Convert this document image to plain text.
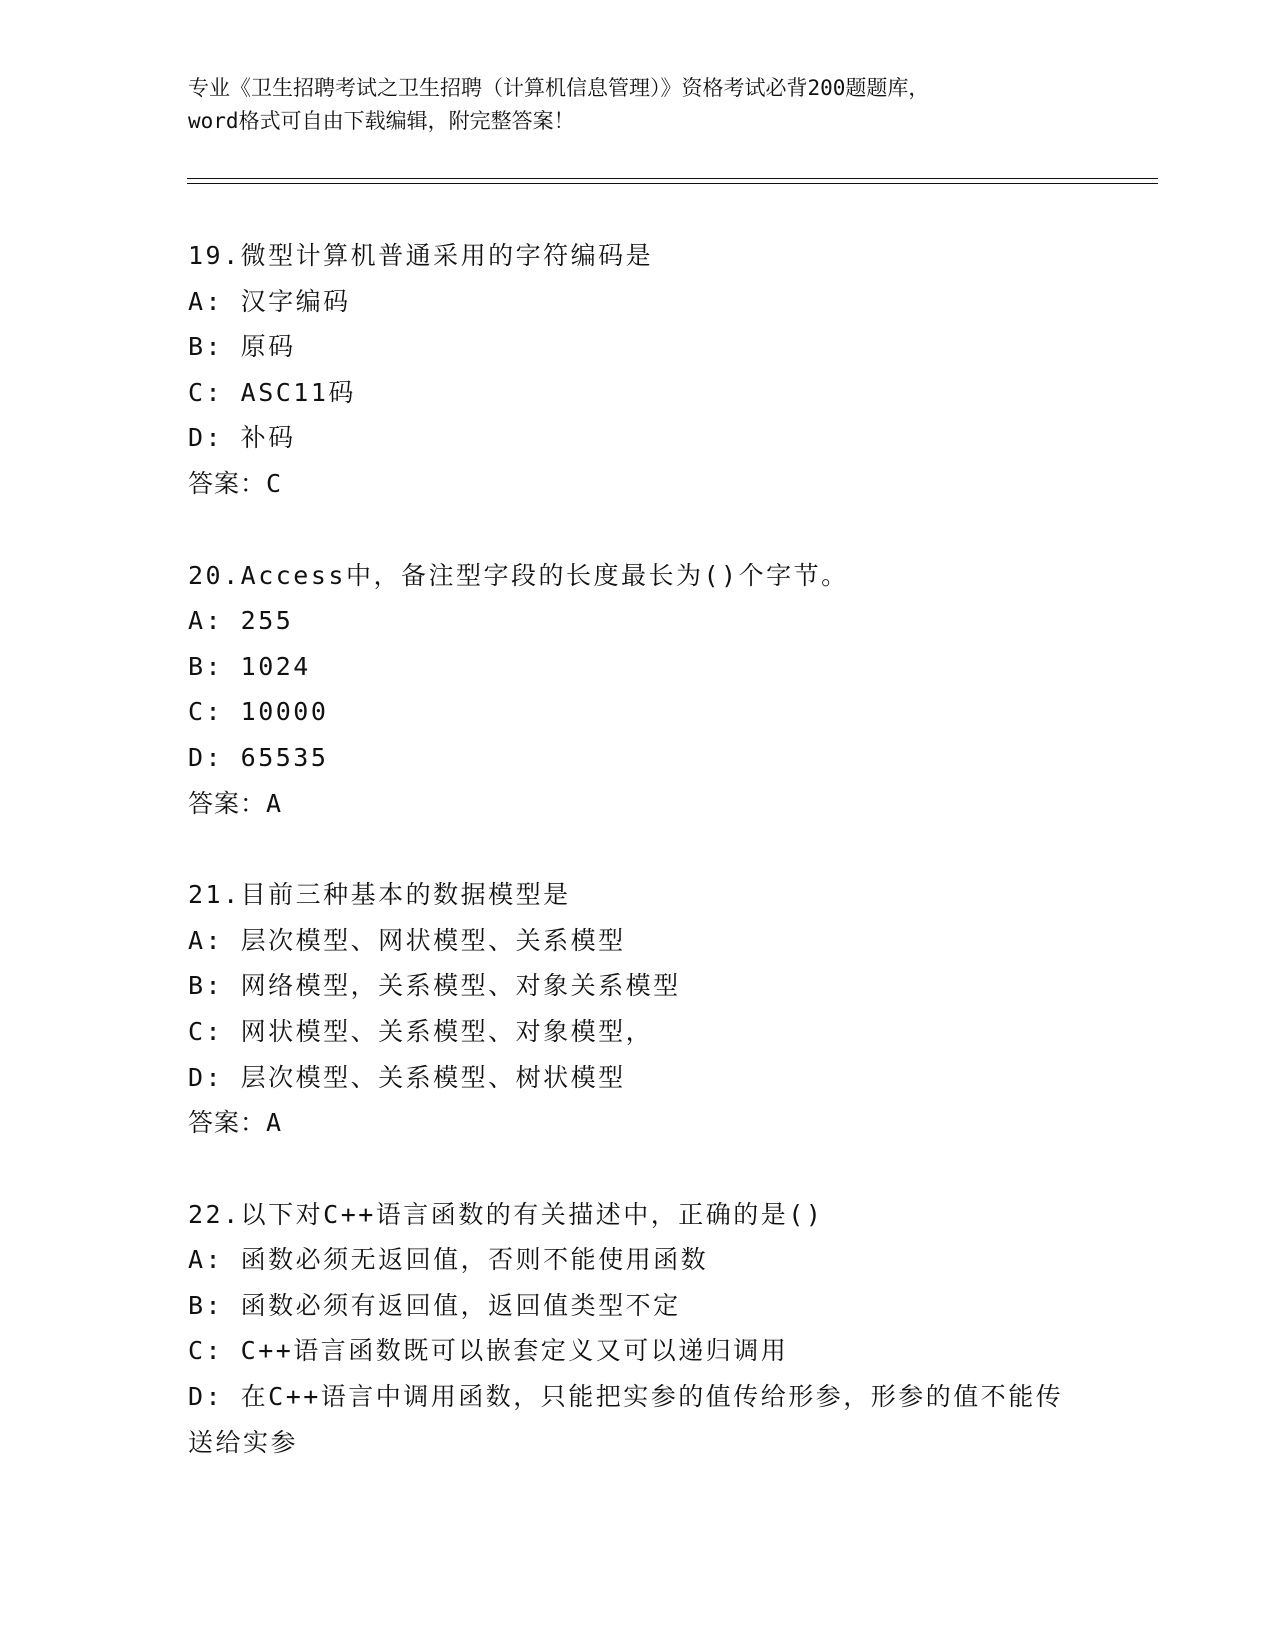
专业《卫生招聘考试之卫生招聘（计算机信息管理）》资格考试必背200题题库，
word格式可自由下载编辑，附完整答案！
19.微型计算机普通采用的字符编码是
A: 汉字编码
B: 原码
C: ASC11码
D: 补码
答案：C
20.Access中，备注型字段的长度最长为()个字节。
A: 255
B: 1024
C: 10000
D: 65535
答案：A
21.目前三种基本的数据模型是
A: 层次模型、网状模型、关系模型
B: 网络模型，关系模型、对象关系模型
C: 网状模型、关系模型、对象模型，
D: 层次模型、关系模型、树状模型
答案：A
22.以下对C++语言函数的有关描述中，正确的是()
A: 函数必须无返回值，否则不能使用函数
B: 函数必须有返回值，返回值类型不定
C: C++语言函数既可以嵌套定义又可以递归调用
D: 在C++语言中调用函数，只能把实参的值传给形参，形参的值不能传送给实参
